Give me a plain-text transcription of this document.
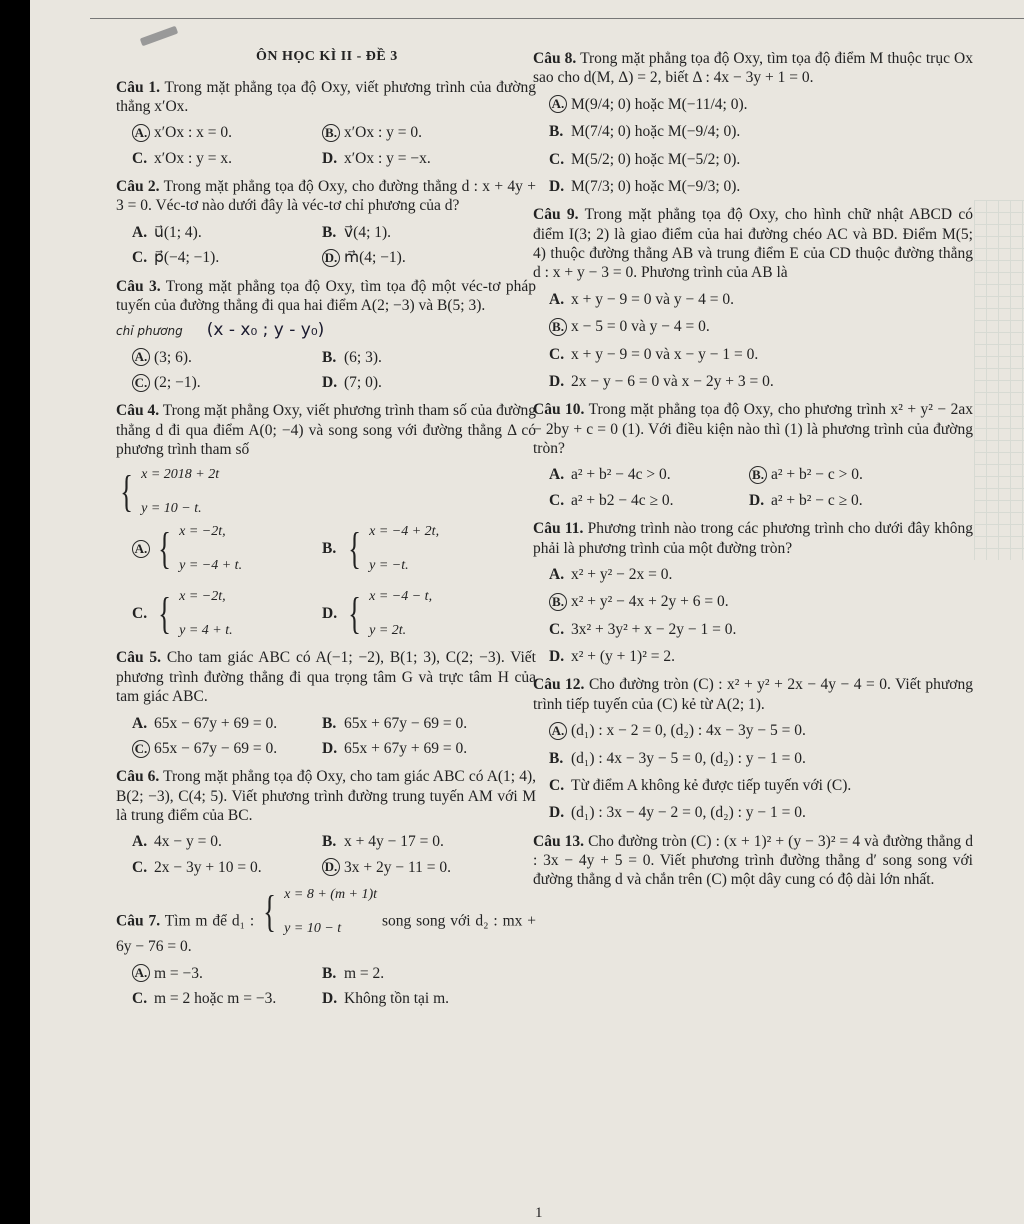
ÔN HỌC KÌ II - ĐỀ 3

Câu 1. Trong mặt phẳng tọa độ Oxy, viết phương trình của đường thẳng x′Ox.

A. x′Ox : x = 0.	B. x′Ox : y = 0.
C. x′Ox : y = x.	D. x′Ox : y = −x.

Câu 2. Trong mặt phẳng tọa độ Oxy, cho đường thẳng d : x + 4y + 3 = 0. Véc-tơ nào dưới đây là véc-tơ chỉ phương của d?

A. u⃗(1; 4).	B. v⃗(4; 1).
C. p⃗(−4; −1).	D. m⃗(4; −1).

Câu 3. Trong mặt phẳng tọa độ Oxy, tìm tọa độ một véc-tơ pháp tuyến của đường thẳng đi qua hai điểm A(2; −3) và B(5; 3).

chỉ phương (x - x₀ ; y - y₀)
A. (3; 6).	B. (6; 3).
C. (2; −1).	D. (7; 0).

Câu 4. Trong mặt phẳng Oxy, viết phương trình tham số của đường thẳng d đi qua điểm A(0; −4) và song song với đường thẳng Δ có phương trình tham số

{ x = 2018 + 2t
y = 10 − t.
A. { x = −2t,
y = −4 + t.
B. { x = −4 + 2t,
y = −t.
C. { x = −2t,
y = 4 + t.
D. { x = −4 − t,
y = 2t.

Câu 5. Cho tam giác ABC có A(−1; −2), B(1; 3), C(2; −3). Viết phương trình đường thẳng đi qua trọng tâm G và trực tâm H của tam giác ABC.

A. 65x − 67y + 69 = 0.	B. 65x + 67y − 69 = 0.
C. 65x − 67y − 69 = 0.	D. 65x + 67y + 69 = 0.

Câu 6. Trong mặt phẳng tọa độ Oxy, cho tam giác ABC có A(1; 4), B(2; −3), C(4; 5). Viết phương trình đường trung tuyến AM với M là trung điểm của BC.

A. 4x − y = 0.	B. x + 4y − 17 = 0.
C. 2x − 3y + 10 = 0.	D. 3x + 2y − 11 = 0.

Câu 7. Tìm m để d₁ : { x = 8 + (m + 1)t
y = 10 − t	song song với d₂ : mx + 6y − 76 = 0.

A. m = −3.	B. m = 2.
C. m = 2 hoặc m = −3.	D. Không tồn tại m.

Câu 8. Trong mặt phẳng tọa độ Oxy, tìm tọa độ điểm M thuộc trục Ox sao cho d(M, Δ) = 2, biết Δ : 4x − 3y + 1 = 0.

A. M(9/4; 0) hoặc M(−11/4; 0).
B. M(7/4; 0) hoặc M(−9/4; 0).
C. M(5/2; 0) hoặc M(−5/2; 0).
D. M(7/3; 0) hoặc M(−9/3; 0).

Câu 9. Trong mặt phẳng tọa độ Oxy, cho hình chữ nhật ABCD có điểm I(3; 2) là giao điểm của hai đường chéo AC và BD. Điểm M(5; 4) thuộc đường thẳng AB và trung điểm E của CD thuộc đường thẳng d : x + y − 3 = 0. Phương trình của AB là

A. x + y − 9 = 0 và y − 4 = 0.
B. x − 5 = 0 và y − 4 = 0.
C. x + y − 9 = 0 và x − y − 1 = 0.
D. 2x − y − 6 = 0 và x − 2y + 3 = 0.

Câu 10. Trong mặt phẳng tọa độ Oxy, cho phương trình x² + y² − 2ax − 2by + c = 0 (1). Với điều kiện nào thì (1) là phương trình của đường tròn?

A. a² + b² − 4c > 0.	B. a² + b² − c > 0.
C. a² + b2 − 4c ≥ 0.	D. a² + b² − c ≥ 0.

Câu 11. Phương trình nào trong các phương trình cho dưới đây không phải là phương trình của một đường tròn?

A. x² + y² − 2x = 0.
B. x² + y² − 4x + 2y + 6 = 0.
C. 3x² + 3y² + x − 2y − 1 = 0.
D. x² + (y + 1)² = 2.

Câu 12. Cho đường tròn (C) : x² + y² + 2x − 4y − 4 = 0. Viết phương trình tiếp tuyến của (C) kẻ từ A(2; 1).

A. (d₁) : x − 2 = 0, (d₂) : 4x − 3y − 5 = 0.
B. (d₁) : 4x − 3y − 5 = 0, (d₂) : y − 1 = 0.
C. Từ điểm A không kẻ được tiếp tuyến với (C).
D. (d₁) : 3x − 4y − 2 = 0, (d₂) : y − 1 = 0.

Câu 13. Cho đường tròn (C) : (x + 1)² + (y − 3)² = 4 và đường thẳng d : 3x − 4y + 5 = 0. Viết phương trình đường thẳng d′ song song với đường thẳng d và chắn trên (C) một dây cung có độ dài lớn nhất.

1
